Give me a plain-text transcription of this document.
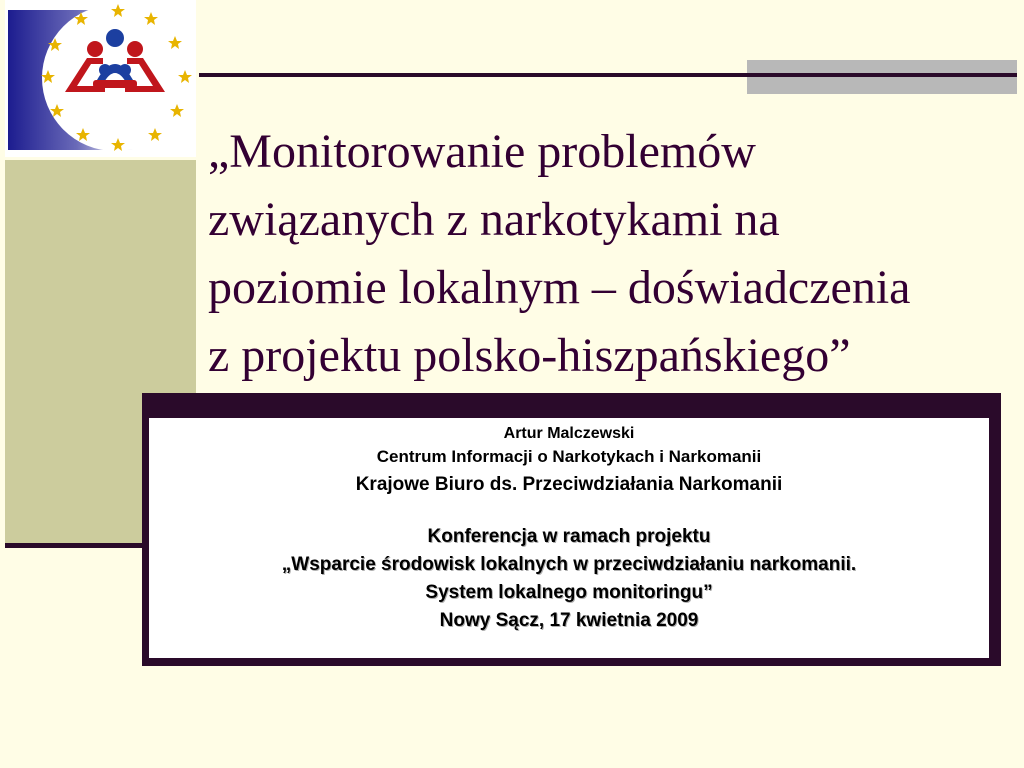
„Monitorowanie problemów
związanych z narkotykami na
poziomie lokalnym – doświadczenia
z projektu polsko-hiszpańskiego”
Artur Malczewski
Centrum Informacji o Narkotykach i Narkomanii
Krajowe Biuro ds. Przeciwdziałania Narkomanii
Konferencja w ramach projektu
„Wsparcie środowisk lokalnych w przeciwdziałaniu narkomanii.
System lokalnego monitoringu”
Nowy Sącz, 17 kwietnia 2009
